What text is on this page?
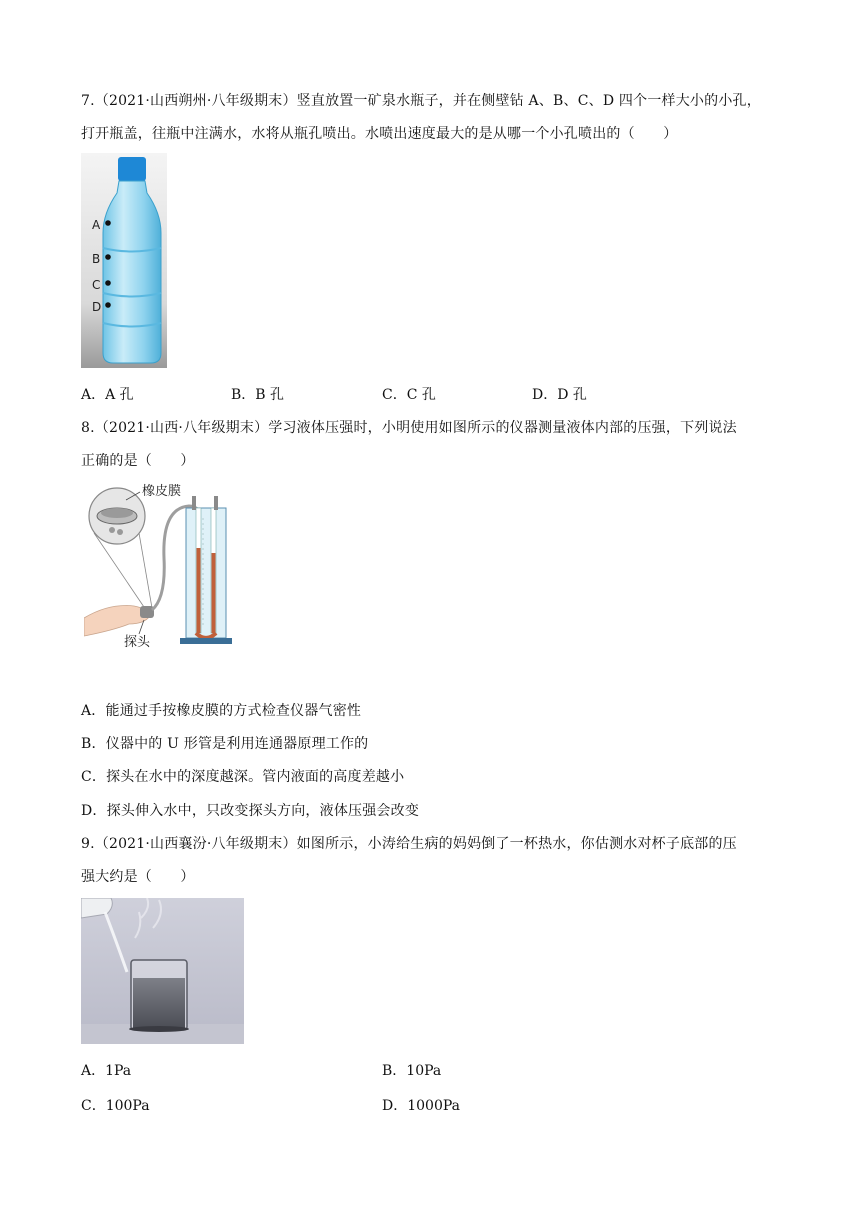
7.（2021·山西朔州·八年级期末）竖直放置一矿泉水瓶子，并在侧壁钻 A、B、C、D 四个一样大小的小孔，
打开瓶盖，往瓶中注满水，水将从瓶孔喷出。水喷出速度最大的是从哪一个小孔喷出的（　　）
A
B
C
D
A．A 孔	B．B 孔	C．C 孔	D．D 孔
8.（2021·山西·八年级期末）学习液体压强时，小明使用如图所示的仪器测量液体内部的压强，下列说法
正确的是（　　）
橡皮膜
探头
A．能通过手按橡皮膜的方式检查仪器气密性
B．仪器中的 U 形管是利用连通器原理工作的
C．探头在水中的深度越深。管内液面的高度差越小
D．探头伸入水中，只改变探头方向，液体压强会改变
9.（2021·山西襄汾·八年级期末）如图所示，小涛给生病的妈妈倒了一杯热水，你估测水对杯子底部的压
强大约是（　　）
A．1Pa	B．10Pa
C．100Pa	D．1000Pa
